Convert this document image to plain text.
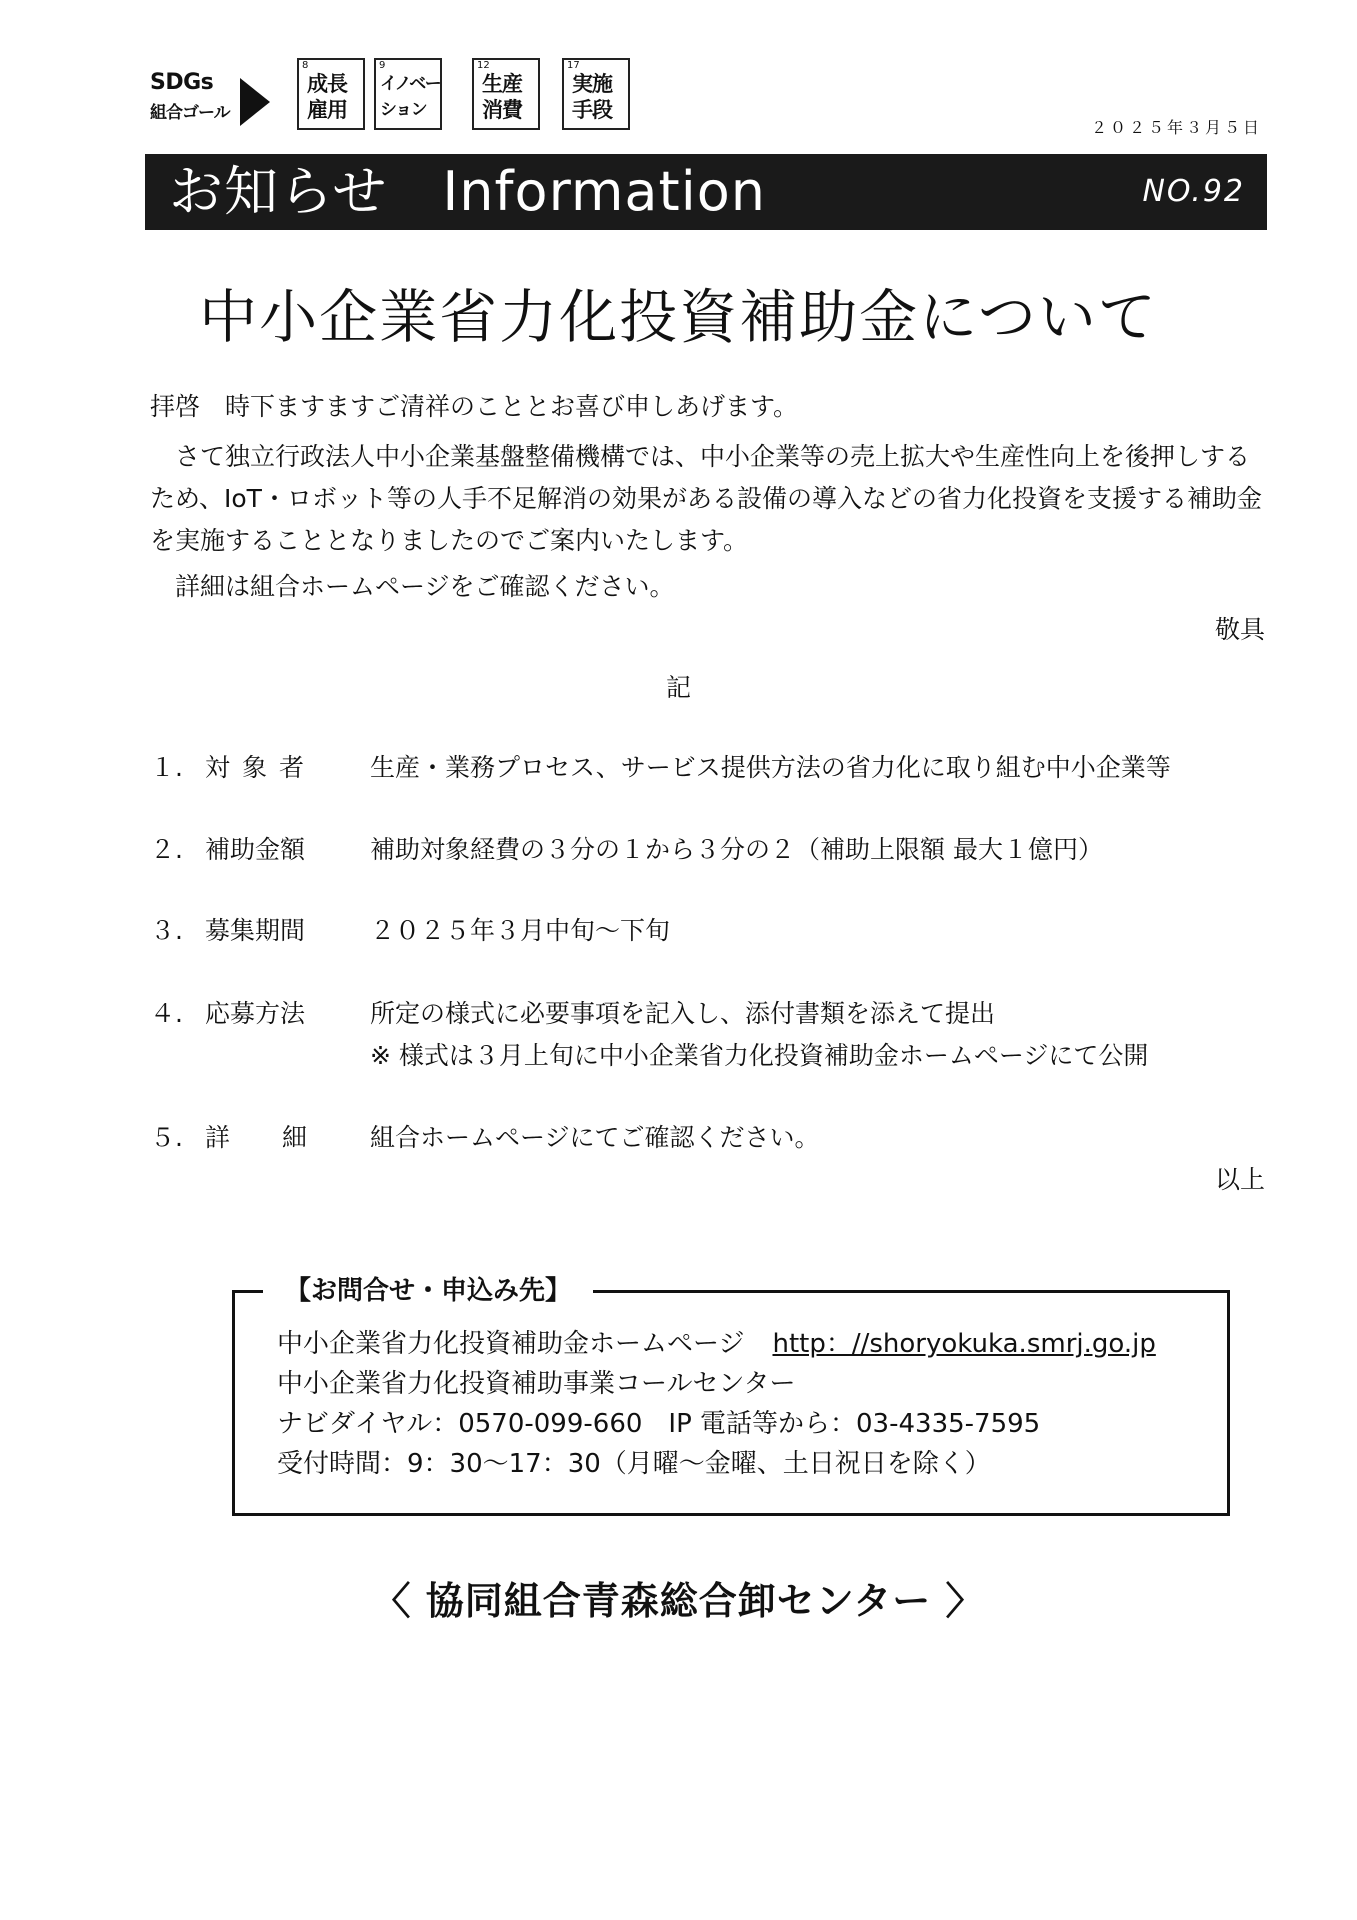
SDGs
組合ゴール
8
成長
雇用
9
イノベー
ション
12
生産
消費
17
実施
手段
２０２５年３月５日
お知らせ　Information	NO.92
中小企業省力化投資補助金について
拝啓　時下ますますご清祥のこととお喜び申しあげます。
さて独立行政法人中小企業基盤整備機構では、中小企業等の売上拡大や生産性向上を後押しするため、IoT・ロボット等の人手不足解消の効果がある設備の導入などの省力化投資を支援する補助金を実施することとなりましたのでご案内いたします。
詳細は組合ホームページをご確認ください。
敬具
記
１. 対象者 生産・業務プロセス、サービス提供方法の省力化に取り組む中小企業等
２. 補助金額	補助対象経費の３分の１から３分の２（補助上限額 最大１億円）
３. 募集期間	２０２５年３月中旬～下旬
４. 応募方法	所定の様式に必要事項を記入し、添付書類を添えて提出
※ 様式は３月上旬に中小企業省力化投資補助金ホームページにて公開
５. 詳細 組合ホームページにてご確認ください。
以上
【お問合せ・申込み先】
中小企業省力化投資補助金ホームページ http：//shoryokuka.smrj.go.jp
中小企業省力化投資補助事業コールセンター
ナビダイヤル：0570-099-660　IP 電話等から：03-4335-7595
受付時間：9：30～17：30（月曜～金曜、土日祝日を除く）
〈 協同組合青森総合卸センター 〉
